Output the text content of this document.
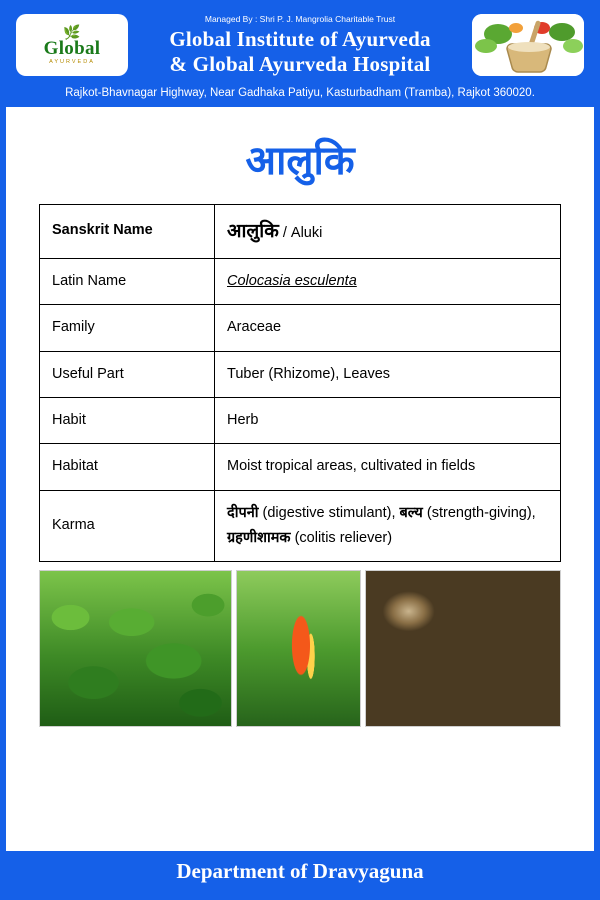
🌿
Global
AYURVEDA
Managed By : Shri P. J. Mangrolia Charitable Trust
Global Institute of Ayurveda
& Global Ayurveda Hospital
Rajkot-Bhavnagar Highway, Near Gadhaka Patiyu, Kasturbadham (Tramba), Rajkot 360020.
आलुकि
Sanskrit Name	आलुकि / Aluki
Latin Name	Colocasia esculenta
Family	Araceae
Useful Part	Tuber (Rhizome), Leaves
Habit	Herb
Habitat	Moist tropical areas, cultivated in fields
Karma	दीपनी (digestive stimulant), बल्य (strength-giving), ग्रहणीशामक (colitis reliever)
Department of Dravyaguna
